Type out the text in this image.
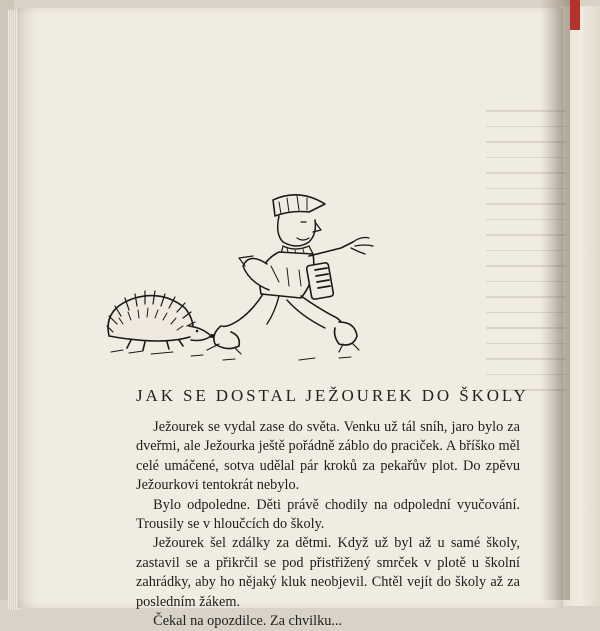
JAK SE DOSTAL JEŽOUREK DO ŠKOLY

Ježourek se vydal zase do světa. Venku už tál sníh, jaro bylo za dveřmi, ale Ježourka ještě pořádně záblo do praciček. A bříško měl celé umáčené, sotva udělal pár kroků za pekařův plot. Do zpěvu Ježourkovi tentokrát nebylo.

Bylo odpoledne. Děti právě chodily na odpolední vyučování. Trousily se v hloučcích do školy.

Ježourek šel zdálky za dětmi. Když už byl až u samé školy, zastavil se a přikrčil se pod přistřižený smrček v plotě u školní zahrádky, aby ho nějaký kluk neobjevil. Chtěl vejít do školy až za posledním žákem.

Čekal na opozdilce. Za chvilku...
